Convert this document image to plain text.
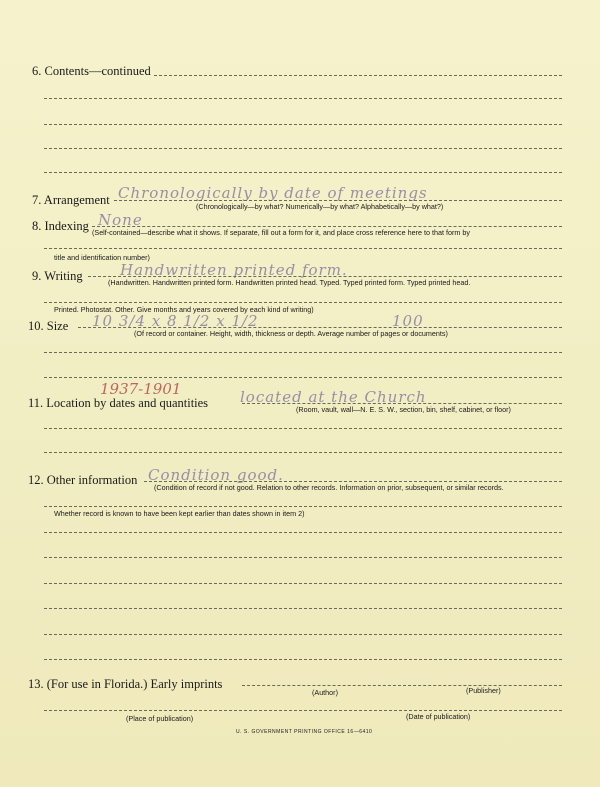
6. Contents—continued
7. Arrangement Chronologically by date of meetings
(Chronologically—by what? Numerically—by what? Alphabetically—by what?)
8. Indexing None
(Self-contained—describe what it shows. If separate, fill out a form for it, and place cross reference here to that form by
title and identification number)
9. Writing Handwritten printed form.
(Handwritten. Handwritten printed form. Handwritten printed head. Typed. Typed printed form. Typed printed head.
Printed. Photostat. Other. Give months and years covered by each kind of writing)
10. Size 10 3/4 x 8 1/2 x 1/2	100
(Of record or container. Height, width, thickness or depth. Average number of pages or documents)
1937-1901
11. Location by dates and quantities located at the Church
(Room, vault, wall—N. E. S. W., section, bin, shelf, cabinet, or floor)
12. Other information Condition good.
(Condition of record if not good. Relation to other records. Information on prior, subsequent, or similar records.
Whether record is known to have been kept earlier than dates shown in item 2)
13. (For use in Florida.) Early imprints
(Author)	(Publisher)
(Place of publication)	(Date of publication)
U. S. GOVERNMENT PRINTING OFFICE 16—6410
